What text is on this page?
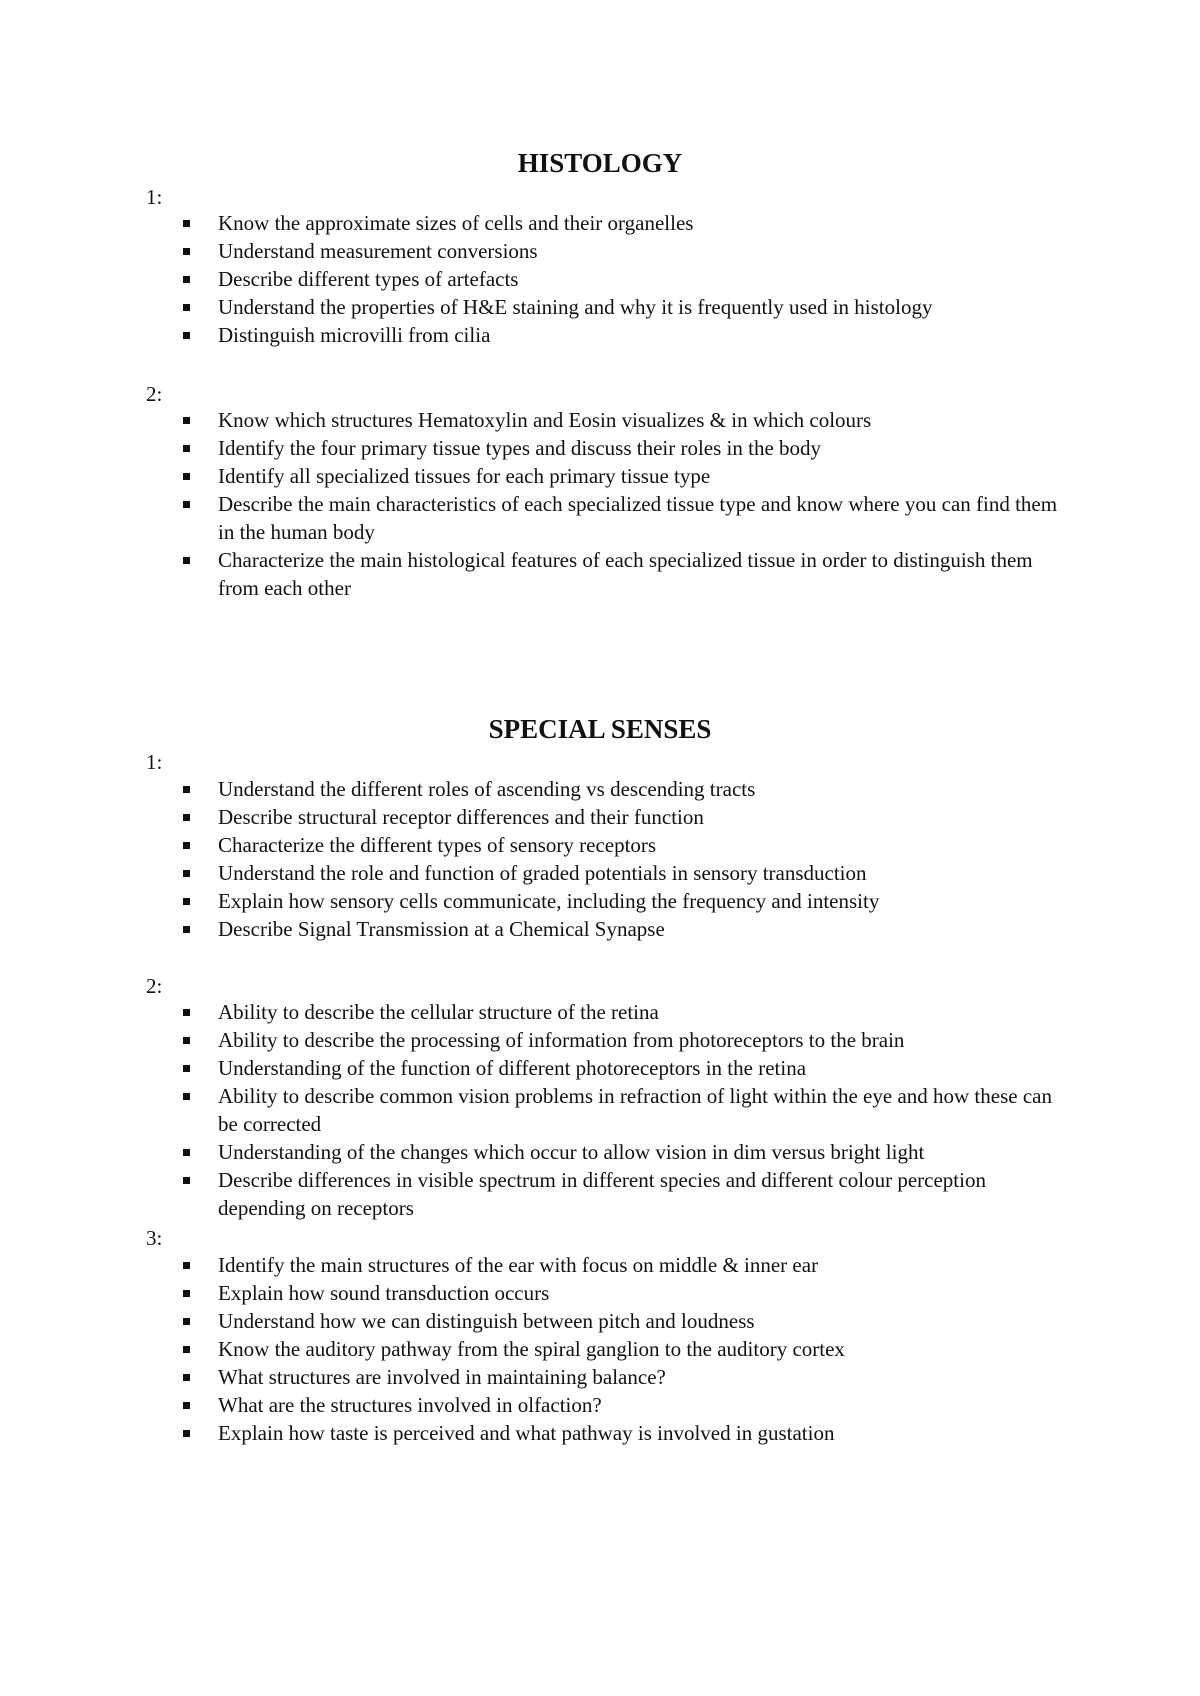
HISTOLOGY

1:

Know the approximate sizes of cells and their organelles
Understand measurement conversions
Describe different types of artefacts
Understand the properties of H&E staining and why it is frequently used in histology
Distinguish microvilli from cilia

2:

Know which structures Hematoxylin and Eosin visualizes & in which colours
Identify the four primary tissue types and discuss their roles in the body
Identify all specialized tissues for each primary tissue type
Describe the main characteristics of each specialized tissue type and know where you can find them in the human body
Characterize the main histological features of each specialized tissue in order to distinguish them from each other
SPECIAL SENSES

1:

Understand the different roles of ascending vs descending tracts
Describe structural receptor differences and their function
Characterize the different types of sensory receptors
Understand the role and function of graded potentials in sensory transduction
Explain how sensory cells communicate, including the frequency and intensity
Describe Signal Transmission at a Chemical Synapse

2:

Ability to describe the cellular structure of the retina
Ability to describe the processing of information from photoreceptors to the brain
Understanding of the function of different photoreceptors in the retina
Ability to describe common vision problems in refraction of light within the eye and how these can be corrected
Understanding of the changes which occur to allow vision in dim versus bright light
Describe differences in visible spectrum in different species and different colour perception depending on receptors

3:

Identify the main structures of the ear with focus on middle & inner ear
Explain how sound transduction occurs
Understand how we can distinguish between pitch and loudness
Know the auditory pathway from the spiral ganglion to the auditory cortex
What structures are involved in maintaining balance?
What are the structures involved in olfaction?
Explain how taste is perceived and what pathway is involved in gustation
